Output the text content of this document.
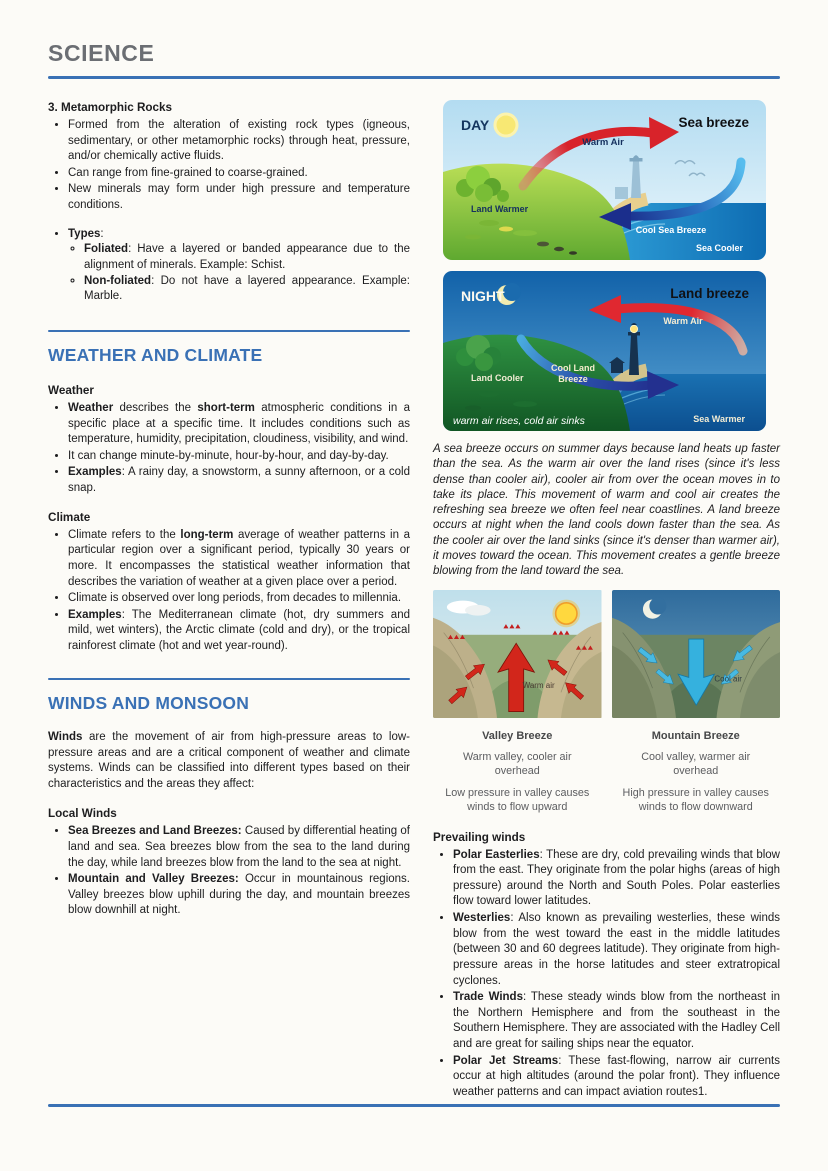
SCIENCE
3. Metamorphic Rocks
• Formed from the alteration of existing rock types (igneous, sedimentary, or other metamorphic rocks) through heat, pressure, and/or chemically active fluids.
• Can range from fine-grained to coarse-grained.
• New minerals may form under high pressure and temperature conditions.
• Types:
◦ Foliated: Have a layered or banded appearance due to the alignment of minerals. Example: Schist.
◦ Non-foliated: Do not have a layered appearance. Example: Marble.
WEATHER AND CLIMATE
Weather
• Weather describes the short-term atmospheric conditions in a specific place at a specific time. It includes conditions such as temperature, humidity, precipitation, cloudiness, visibility, and wind.
• It can change minute-by-minute, hour-by-hour, and day-by-day.
• Examples: A rainy day, a snowstorm, a sunny afternoon, or a cold snap.
Climate
• Climate refers to the long-term average of weather patterns in a particular region over a significant period, typically 30 years or more. It encompasses the statistical weather information that describes the variation of weather at a given place over a period.
• Climate is observed over long periods, from decades to millennia.
• Examples: The Mediterranean climate (hot, dry summers and mild, wet winters), the Arctic climate (cold and dry), or the tropical rainforest climate (hot and wet year-round).
WINDS AND MONSOON

Winds are the movement of air from high-pressure areas to low-pressure areas and are a critical component of weather and climate systems. Winds can be classified into different types based on their characteristics and the areas they affect:

Local Winds
• Sea Breezes and Land Breezes: Caused by differential heating of land and sea. Sea breezes blow from the sea to the land during the day, while land breezes blow from the land to the sea at night.
• Mountain and Valley Breezes: Occur in mountainous regions. Valley breezes blow uphill during the day, and mountain breezes blow downhill at night.
DAY	Sea breeze
Warm Air
Land Warmer
Cool Sea Breeze
Sea Cooler
NIGHT	Land breeze
Warm Air
Land Cooler
Cool Land
Breeze
Sea Warmer
warm air rises, cold air sinks

A sea breeze occurs on summer days because land heats up faster than the sea. As the warm air over the land rises (since it's less dense than cooler air), cooler air from over the ocean moves in to take its place. This movement of warm and cool air creates the refreshing sea breeze we often feel near coastlines. A land breeze occurs at night when the land cools down faster than the sea. As the cooler air over the land sinks (since it's denser than warmer air), it moves toward the ocean. This movement creates a gentle breeze blowing from the land toward the sea.

Warm air
Valley Breeze
Warm valley, cooler air overhead
Low pressure in valley causes winds to flow upward
Cool air
Mountain Breeze
Cool valley, warmer air overhead
High pressure in valley causes winds to flow downward
Prevailing winds
• Polar Easterlies: These are dry, cold prevailing winds that blow from the east. They originate from the polar highs (areas of high pressure) around the North and South Poles. Polar easterlies flow toward lower latitudes.
• Westerlies: Also known as prevailing westerlies, these winds blow from the west toward the east in the middle latitudes (between 30 and 60 degrees latitude). They originate from high-pressure areas in the horse latitudes and steer extratropical cyclones.
• Trade Winds: These steady winds blow from the northeast in the Northern Hemisphere and from the southeast in the Southern Hemisphere. They are associated with the Hadley Cell and are great for sailing ships near the equator.
• Polar Jet Streams: These fast-flowing, narrow air currents occur at high altitudes (around the polar front). They influence weather patterns and can impact aviation routes1.
